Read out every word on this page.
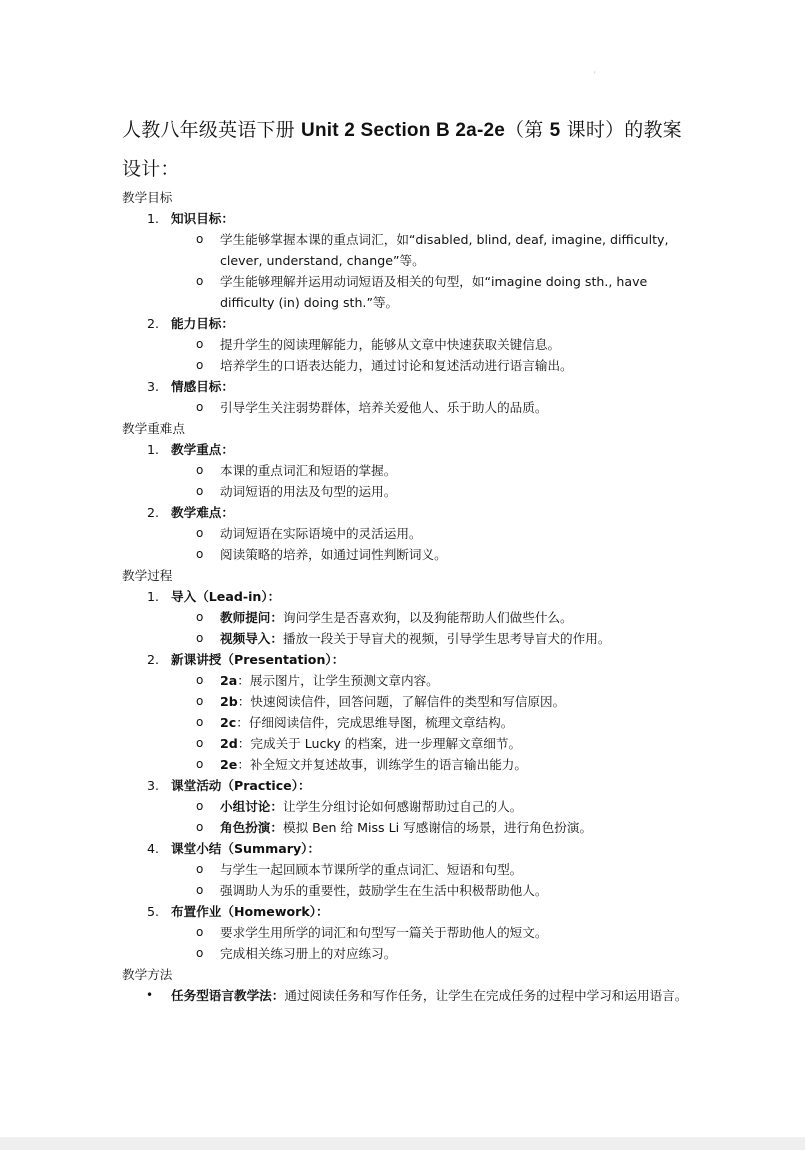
'
人教八年级英语下册 Unit 2 Section B 2a-2e（第 5 课时）的教案设计：
教学目标
1. 知识目标：
o 学生能够掌握本课的重点词汇，如“disabled, blind, deaf, imagine, difficulty, clever, understand, change”等。
o 学生能够理解并运用动词短语及相关的句型，如“imagine doing sth., have difficulty (in) doing sth.”等。
2. 能力目标：
o 提升学生的阅读理解能力，能够从文章中快速获取关键信息。
o 培养学生的口语表达能力，通过讨论和复述活动进行语言输出。
3. 情感目标：
o 引导学生关注弱势群体，培养关爱他人、乐于助人的品质。
教学重难点
1. 教学重点：
o 本课的重点词汇和短语的掌握。
o 动词短语的用法及句型的运用。
2. 教学难点：
o 动词短语在实际语境中的灵活运用。
o 阅读策略的培养，如通过词性判断词义。
教学过程
1. 导入（Lead-in）：
o 教师提问：询问学生是否喜欢狗，以及狗能帮助人们做些什么。
o 视频导入：播放一段关于导盲犬的视频，引导学生思考导盲犬的作用。
2. 新课讲授（Presentation）：
o 2a：展示图片，让学生预测文章内容。
o 2b：快速阅读信件，回答问题，了解信件的类型和写信原因。
o 2c：仔细阅读信件，完成思维导图，梳理文章结构。
o 2d：完成关于 Lucky 的档案，进一步理解文章细节。
o 2e：补全短文并复述故事，训练学生的语言输出能力。
3. 课堂活动（Practice）：
o 小组讨论：让学生分组讨论如何感谢帮助过自己的人。
o 角色扮演：模拟 Ben 给 Miss Li 写感谢信的场景，进行角色扮演。
4. 课堂小结（Summary）：
o 与学生一起回顾本节课所学的重点词汇、短语和句型。
o 强调助人为乐的重要性，鼓励学生在生活中积极帮助他人。
5. 布置作业（Homework）：
o 要求学生用所学的词汇和句型写一篇关于帮助他人的短文。
o 完成相关练习册上的对应练习。
教学方法
• 任务型语言教学法：通过阅读任务和写作任务，让学生在完成任务的过程中学习和运用语言。
